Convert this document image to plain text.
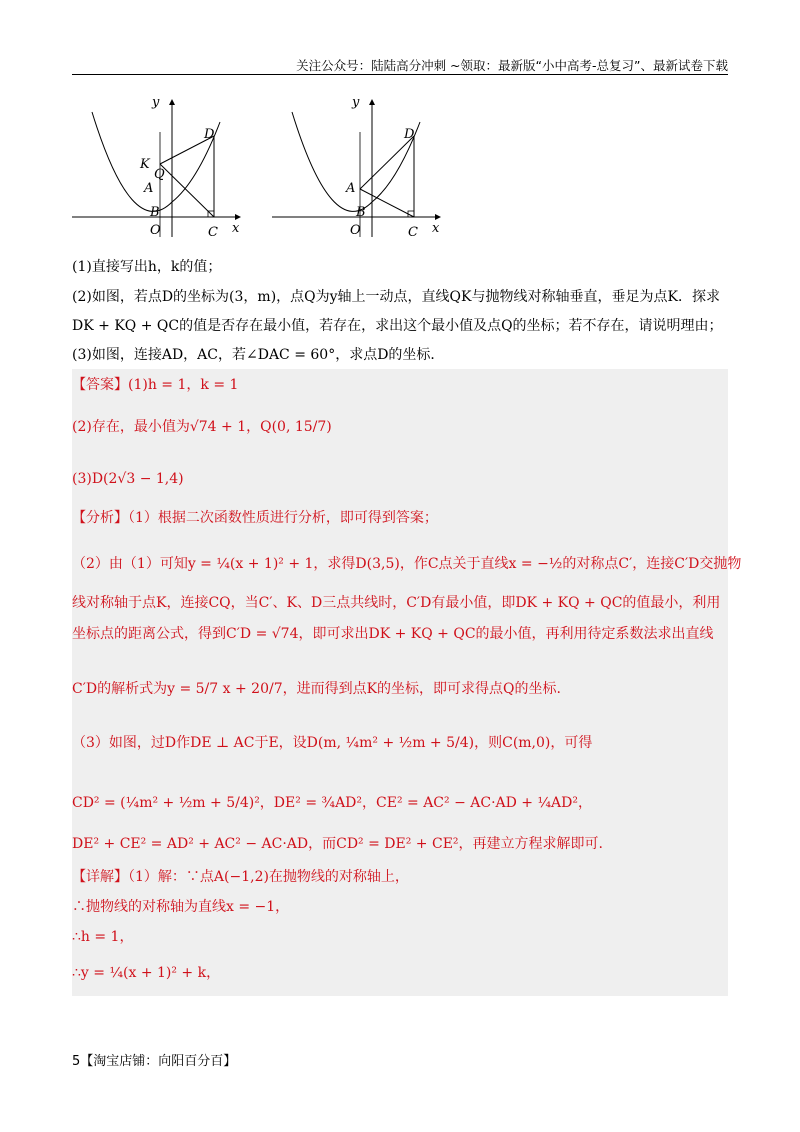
关注公众号：陆陆高分冲刺 ~领取：最新版“小中高考-总复习”、最新试卷下载
y
D
K
Q
A
B
O	C x
y
D
A
B
O	C x
(1)直接写出h，k的值；
(2)如图，若点D的坐标为(3，m)，点Q为y轴上一动点，直线QK与抛物线对称轴垂直，垂足为点K．探求
DK + KQ + QC的值是否存在最小值，若存在，求出这个最小值及点Q的坐标；若不存在，请说明理由；
(3)如图，连接AD，AC，若∠DAC = 60°，求点D的坐标．
【答案】(1)h = 1，k = 1
(2)存在，最小值为√74 + 1，Q(0, 15/7)
(3)D(2√3 − 1,4)
【分析】（1）根据二次函数性质进行分析，即可得到答案；
（2）由（1）可知y = ¼(x + 1)² + 1，求得D(3,5)，作C点关于直线x = −½的对称点C′，连接C′D交抛物
线对称轴于点K，连接CQ，当C′、K、D三点共线时，C′D有最小值，即DK + KQ + QC的值最小，利用
坐标点的距离公式，得到C′D = √74，即可求出DK + KQ + QC的最小值，再利用待定系数法求出直线
C′D的解析式为y = 5/7 x + 20/7，进而得到点K的坐标，即可求得点Q的坐标.
（3）如图，过D作DE ⊥ AC于E，设D(m, ¼m² + ½m + 5/4)，则C(m,0)，可得
CD² = (¼m² + ½m + 5/4)²，DE² = ¾AD²，CE² = AC² − AC·AD + ¼AD²，
DE² + CE² = AD² + AC² − AC·AD，而CD² = DE² + CE²，再建立方程求解即可.
【详解】（1）解：∵点A(−1,2)在抛物线的对称轴上，
∴抛物线的对称轴为直线x = −1，
∴h = 1，
∴y = ¼(x + 1)² + k，
5【淘宝店铺：向阳百分百】
